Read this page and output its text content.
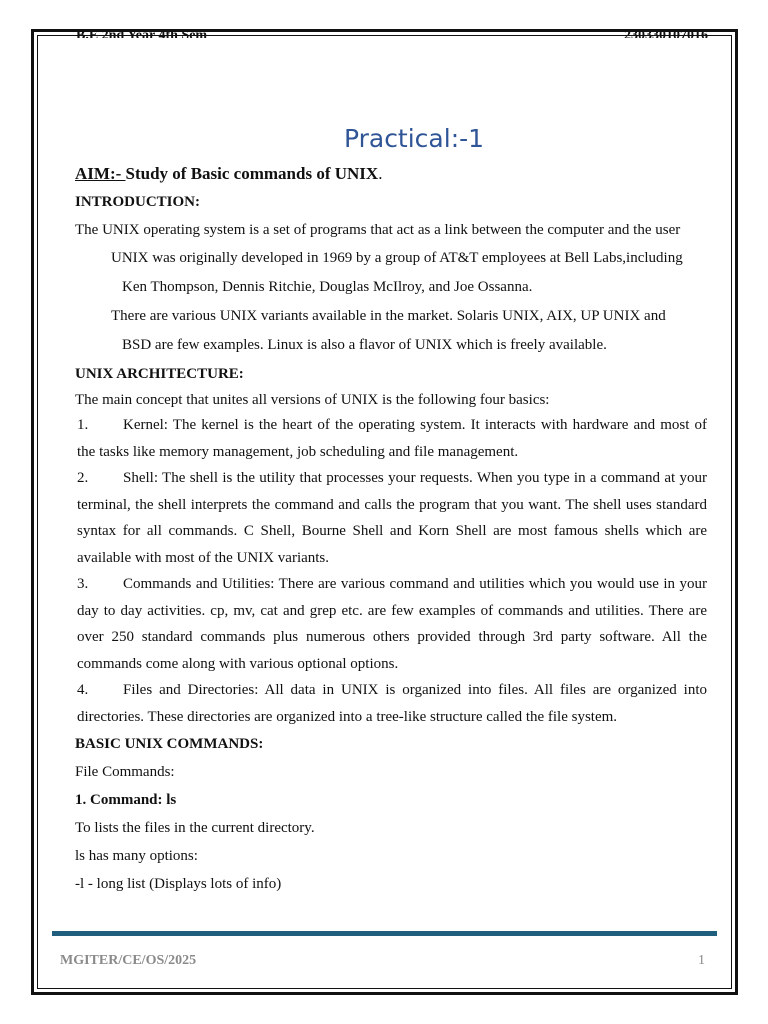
B.E 2nd Year 4th Sem	230330107016
Practical:-1

AIM:- Study of Basic commands of UNIX.

INTRODUCTION:

The UNIX operating system is a set of programs that act as a link between the computer and the user

UNIX was originally developed in 1969 by a group of AT&T employees at Bell Labs,including
Ken Thompson, Dennis Ritchie, Douglas McIlroy, and Joe Ossanna.
There are various UNIX variants available in the market. Solaris UNIX, AIX, UP UNIX and
BSD are few examples. Linux is also a flavor of UNIX which is freely available.

UNIX ARCHITECTURE:

The main concept that unites all versions of UNIX is the following four basics:

1. Kernel: The kernel is the heart of the operating system. It interacts with hardware and most of the tasks like memory management, job scheduling and file management.

2. Shell: The shell is the utility that processes your requests. When you type in a command at your terminal, the shell interprets the command and calls the program that you want. The shell uses standard syntax for all commands. C Shell, Bourne Shell and Korn Shell are most famous shells which are available with most of the UNIX variants.

3. Commands and Utilities: There are various command and utilities which you would use in your day to day activities. cp, mv, cat and grep etc. are few examples of commands and utilities. There are over 250 standard commands plus numerous others provided through 3rd party software. All the commands come along with various optional options.

4. Files and Directories: All data in UNIX is organized into files. All files are organized into directories. These directories are organized into a tree-like structure called the file system.

BASIC UNIX COMMANDS:

File Commands:

1. Command: ls

To lists the files in the current directory.

ls has many options:

-l - long list (Displays lots of info)

MGITER/CE/OS/2025	1
